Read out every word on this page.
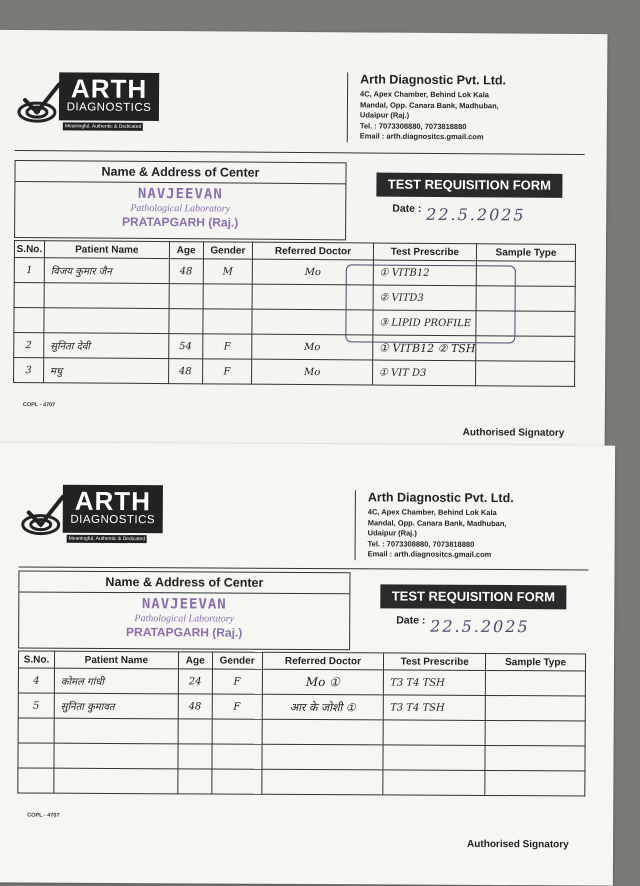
ARTH
DIAGNOSTICS
Meaningful, Authentic & Dedicated
Arth Diagnostic Pvt. Ltd.
4C, Apex Chamber, Behind Lok Kala
Mandal, Opp. Canara Bank, Madhuban,
Udaipur (Raj.)
Tel. : 7073308880, 7073818880
Email : arth.diagnositcs.gmail.com
Name & Address of Center
NAVJEEVAN
Pathological Laboratory
PRATAPGARH (Raj.)
TEST REQUISITION FORM
Date : 22.5.2025
S.No.	Patient Name	Age	Gender	Referred Doctor	Test Prescribe	Sample Type
1	विजय कुमार जैन	48	M	Mo	① VITB12	
					② VITD3	
					③ LIPID PROFILE	
2	सुनिता देवी	54	F	Mo	① VITB12 ② TSH	
3	मधु	48	F	Mo	① VIT D3	
COPL - 4707
Authorised Signatory
ARTH
DIAGNOSTICS
Meaningful, Authentic & Dedicated
Arth Diagnostic Pvt. Ltd.
4C, Apex Chamber, Behind Lok Kala
Mandal, Opp. Canara Bank, Madhuban,
Udaipur (Raj.)
Tel. : 7073308880, 7073818880
Email : arth.diagnositcs.gmail.com
Name & Address of Center
NAVJEEVAN
Pathological Laboratory
PRATAPGARH (Raj.)
TEST REQUISITION FORM
Date : 22.5.2025
S.No.	Patient Name	Age	Gender	Referred Doctor	Test Prescribe	Sample Type
4	कोमल गांधी	24	F	Mo ①	T3 T4 TSH	
5	सुनिता कुमावत	48	F	आर के जोशी ①	T3 T4 TSH	

COPL - 4707
Authorised Signatory
